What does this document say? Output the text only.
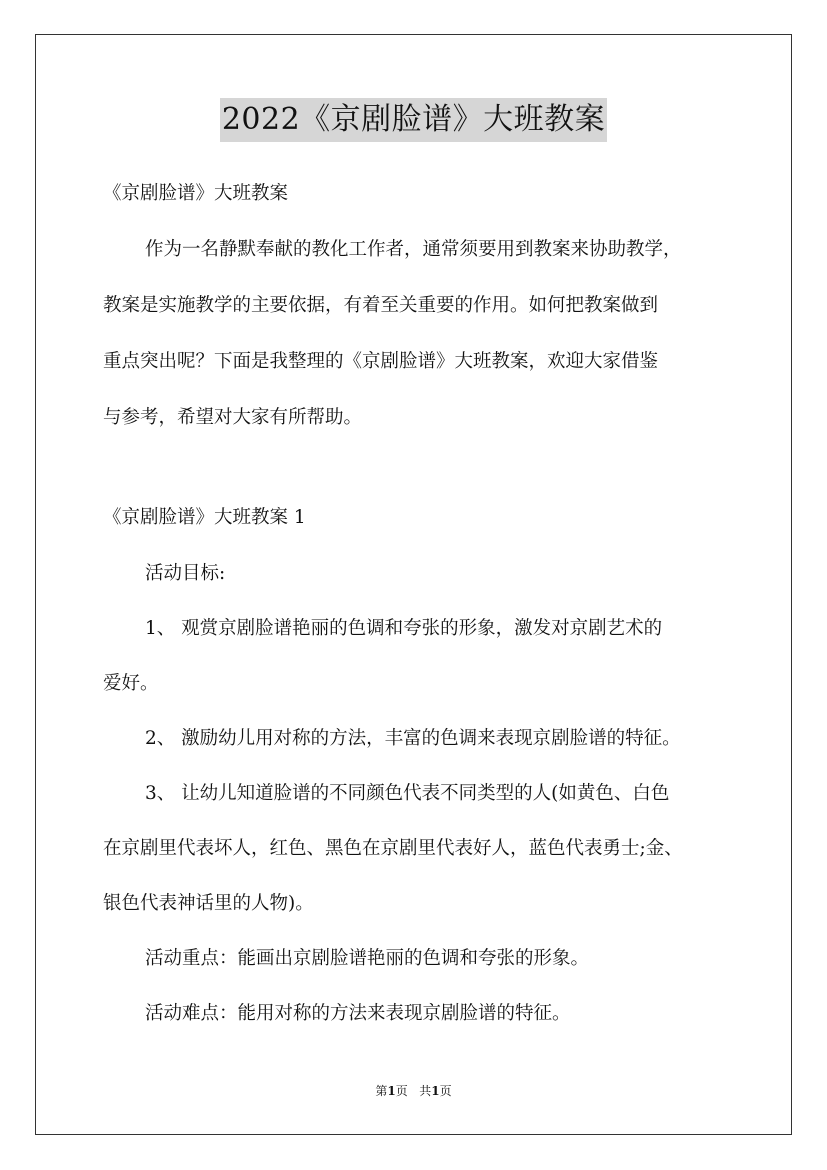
2022《京剧脸谱》大班教案
《京剧脸谱》大班教案
作为一名静默奉献的教化工作者，通常须要用到教案来协助教学，
教案是实施教学的主要依据，有着至关重要的作用。如何把教案做到
重点突出呢？下面是我整理的《京剧脸谱》大班教案，欢迎大家借鉴
与参考，希望对大家有所帮助。
《京剧脸谱》大班教案 1
活动目标:
1、 观赏京剧脸谱艳丽的色调和夸张的形象，激发对京剧艺术的
爱好。
2、 激励幼儿用对称的方法，丰富的色调来表现京剧脸谱的特征。
3、 让幼儿知道脸谱的不同颜色代表不同类型的人(如黄色、白色
在京剧里代表坏人，红色、黑色在京剧里代表好人，蓝色代表勇士;金、
银色代表神话里的人物)。
活动重点：能画出京剧脸谱艳丽的色调和夸张的形象。
活动难点：能用对称的方法来表现京剧脸谱的特征。
第1页 共1页
